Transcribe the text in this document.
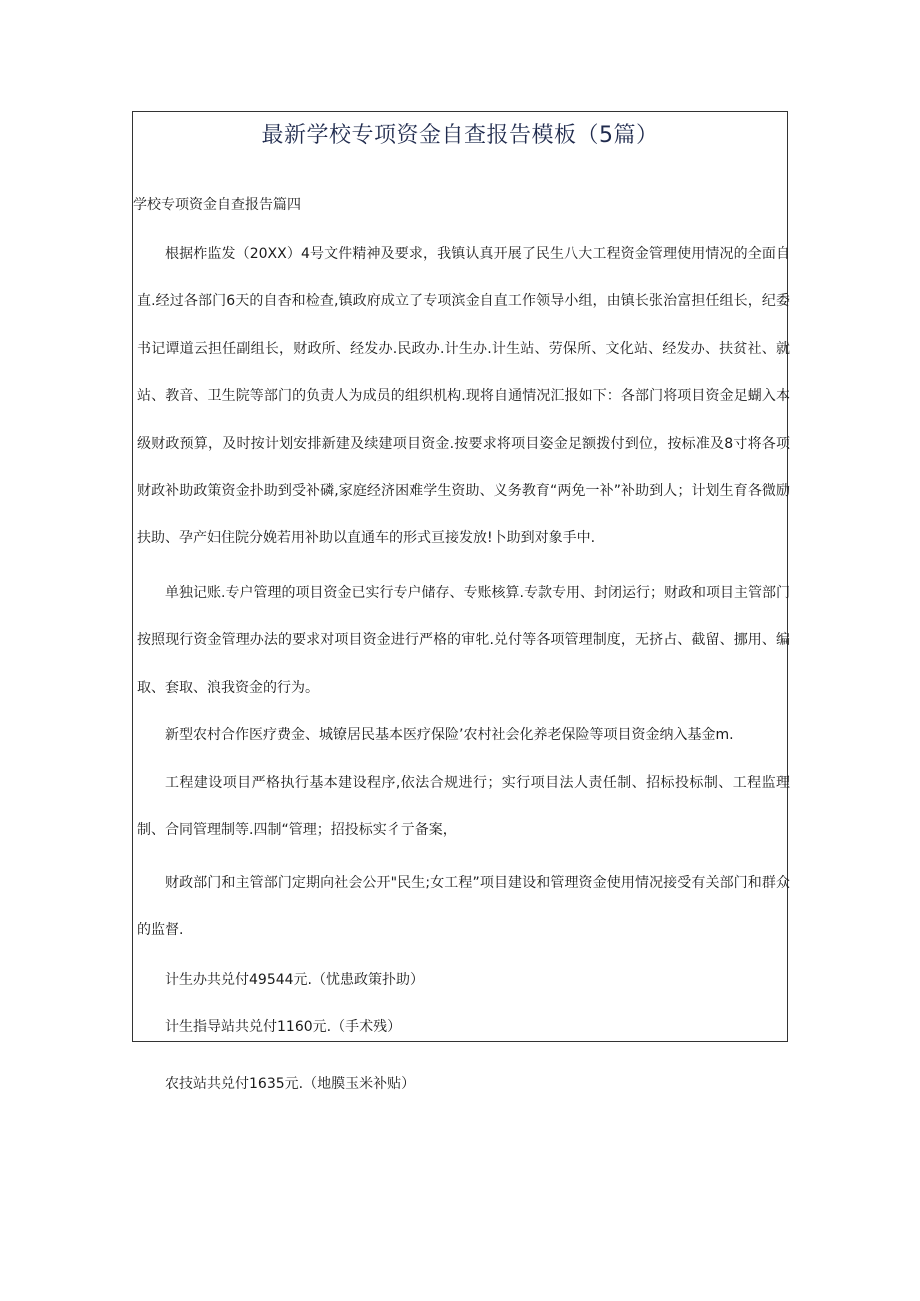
最新学校专项资金自查报告模板（5篇）
学校专项资金自查报告篇四

根据柞监发（20XX）4号文件精神及要求，我镇认真开展了民生八大工程资金管理使用情况的全面自直.经过各部门6天的自杳和检查,镇政府成立了专项滨金自直工作领导小组，由镇长张治富担任组长，纪委书记谭道云担任副组长，财政所、经发办.民政办.计生办.计生站、劳保所、文化站、经发办、扶贫社、就站、教音、卫生院等部门的负责人为成员的组织机构.现将自通情况汇报如下：各部门将项目资金足蝴入本级财政预算，及时按计划安排新建及续建项目资金.按要求将项目姿金足额拨付到位，按标准及8寸将各项财政补助政策资金扑助到受补磷,家庭经济困难学生资助、义务教育“两免一补”补助到人；计划生育各微励扶助、孕产妇住院分娩若用补助以直通车的形式亘接发放!卜助到对象手中.

单独记账.专户管理的项目资金已实行专户储存、专账核算.专款专用、封闭运行；财政和项目主管部门按照现行资金管理办法的要求对项目资金进行严格的审牝.兑付等各项管理制度，无挤占、截留、挪用、编取、套取、浪我资金的行为。

新型农村合作医疗费金、城镣居民基本医疗保险’农村社会化养老保险等项目资金纳入基金m.

工程建设项目严格执行基本建设程序,依法合规进行；实行项目法人责任制、招标投标制、工程监理制、合同管理制等.四制“管理；招投标实彳亍备案，

财政部门和主管部门定期向社会公开"民生;女工程”项目建设和管理资金使用情况接受有关部门和群众的监督.

计生办共兑付49544元.（忧患政策扑助）
计生指导站共兑付1160元.（手术残）
农技站共兑付1635元.（地膜玉米补贴）
